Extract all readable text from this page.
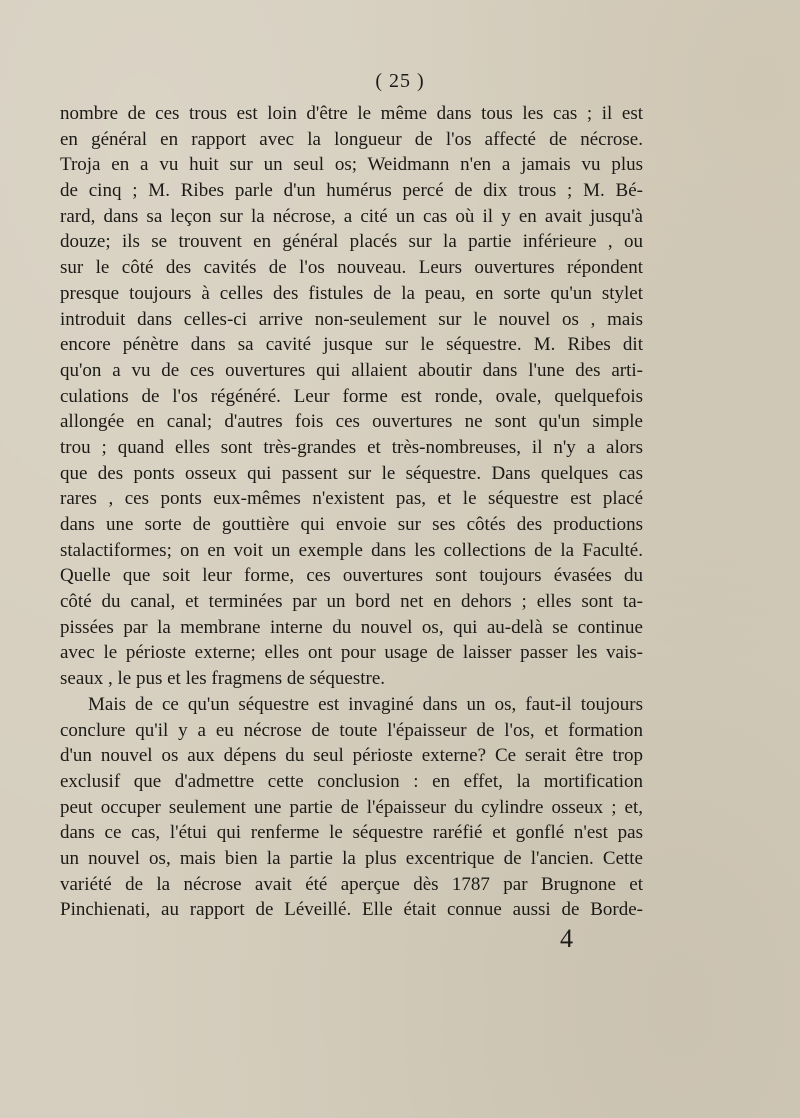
( 25 )
nombre de ces trous est loin d'être le même dans tous les cas ; il est
en général en rapport avec la longueur de l'os affecté de nécrose.
Troja en a vu huit sur un seul os; Weidmann n'en a jamais vu plus
de cinq ; M. Ribes parle d'un humérus percé de dix trous ; M. Bé-
rard, dans sa leçon sur la nécrose, a cité un cas où il y en avait jusqu'à
douze; ils se trouvent en général placés sur la partie inférieure , ou
sur le côté des cavités de l'os nouveau. Leurs ouvertures répondent
presque toujours à celles des fistules de la peau, en sorte qu'un stylet
introduit dans celles-ci arrive non-seulement sur le nouvel os , mais
encore pénètre dans sa cavité jusque sur le séquestre. M. Ribes dit
qu'on a vu de ces ouvertures qui allaient aboutir dans l'une des arti-
culations de l'os régénéré. Leur forme est ronde, ovale, quelquefois
allongée en canal; d'autres fois ces ouvertures ne sont qu'un simple
trou ; quand elles sont très-grandes et très-nombreuses, il n'y a alors
que des ponts osseux qui passent sur le séquestre. Dans quelques cas
rares , ces ponts eux-mêmes n'existent pas, et le séquestre est placé
dans une sorte de gouttière qui envoie sur ses côtés des productions
stalactiformes; on en voit un exemple dans les collections de la Faculté.
Quelle que soit leur forme, ces ouvertures sont toujours évasées du
côté du canal, et terminées par un bord net en dehors ; elles sont ta-
pissées par la membrane interne du nouvel os, qui au-delà se continue
avec le périoste externe; elles ont pour usage de laisser passer les vais-
seaux , le pus et les fragmens de séquestre.
Mais de ce qu'un séquestre est invaginé dans un os, faut-il toujours
conclure qu'il y a eu nécrose de toute l'épaisseur de l'os, et formation
d'un nouvel os aux dépens du seul périoste externe? Ce serait être trop
exclusif que d'admettre cette conclusion : en effet, la mortification
peut occuper seulement une partie de l'épaisseur du cylindre osseux ; et,
dans ce cas, l'étui qui renferme le séquestre raréfié et gonflé n'est pas
un nouvel os, mais bien la partie la plus excentrique de l'ancien. Cette
variété de la nécrose avait été aperçue dès 1787 par Brugnone et
Pinchienati, au rapport de Léveillé. Elle était connue aussi de Borde-
4
